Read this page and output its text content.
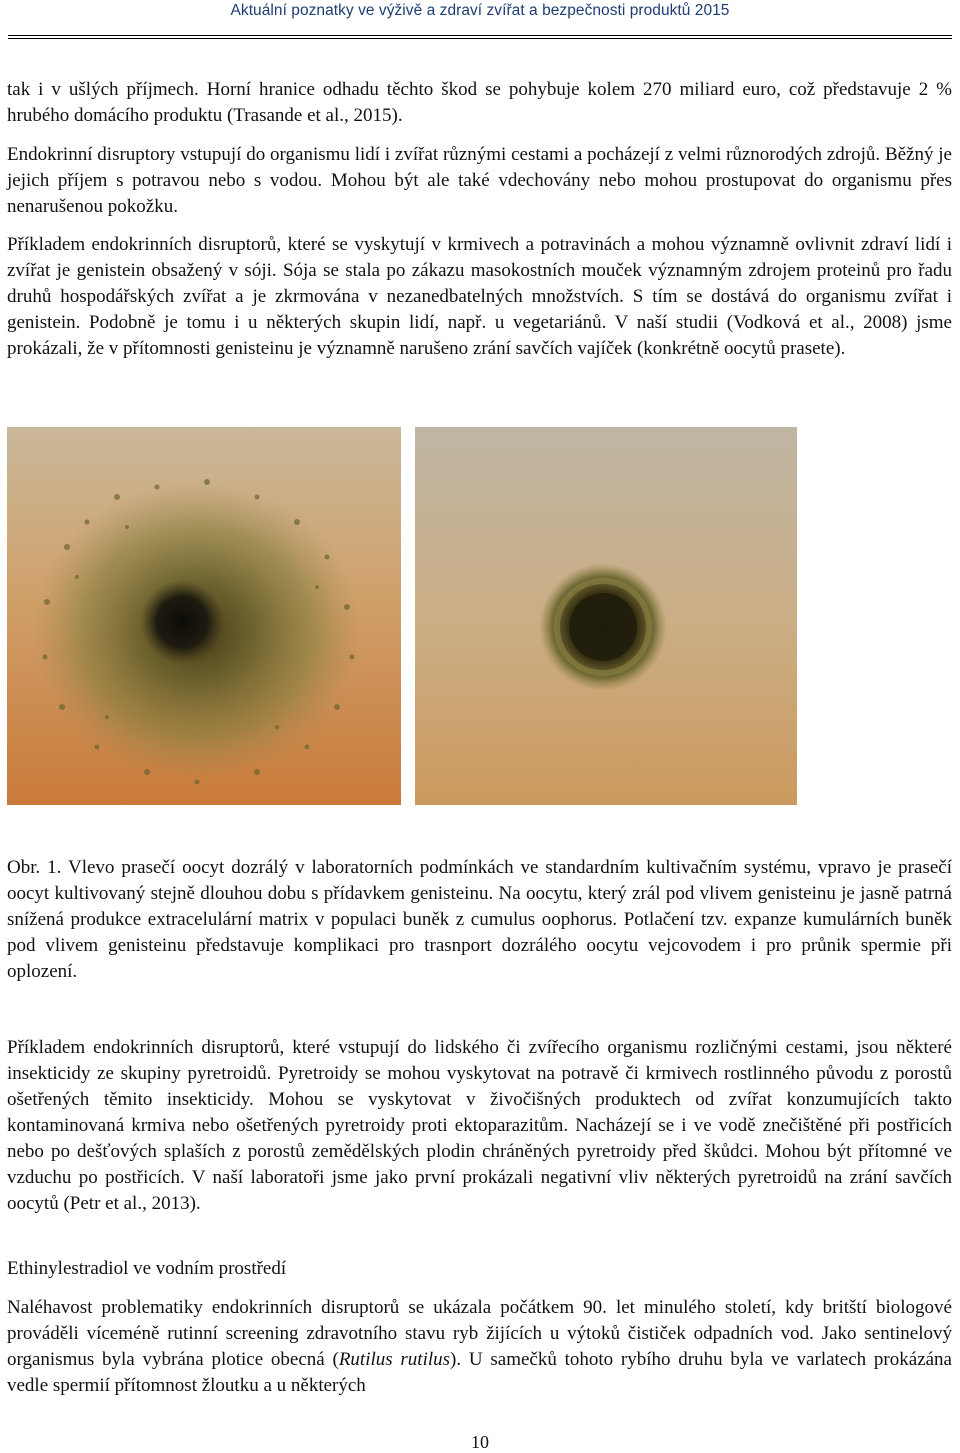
Aktuální poznatky ve výživě a zdraví zvířat a bezpečnosti produktů 2015

tak i v ušlých příjmech. Horní hranice odhadu těchto škod se pohybuje kolem 270 miliard euro, což představuje 2 % hrubého domácího produktu (Trasande et al., 2015).

Endokrinní disruptory vstupují do organismu lidí i zvířat různými cestami a pocházejí z velmi různorodých zdrojů. Běžný je jejich příjem s potravou nebo s vodou. Mohou být ale také vdechovány nebo mohou prostupovat do organismu přes nenarušenou pokožku.

Příkladem endokrinních disruptorů, které se vyskytují v krmivech a potravinách a mohou významně ovlivnit zdraví lidí i zvířat je genistein obsažený v sóji. Sója se stala po zákazu masokostních mouček významným zdrojem proteinů pro řadu druhů hospodářských zvířat a je zkrmována v nezanedbatelných množstvích. S tím se dostává do organismu zvířat i genistein. Podobně je tomu i u některých skupin lidí, např. u vegetariánů. V naší studii (Vodková et al., 2008) jsme prokázali, že v přítomnosti genisteinu je významně narušeno zrání savčích vajíček (konkrétně oocytů prasete).

Obr. 1. Vlevo prasečí oocyt dozrálý v laboratorních podmínkách ve standardním kultivačním systému, vpravo je prasečí oocyt kultivovaný stejně dlouhou dobu s přídavkem genisteinu. Na oocytu, který zrál pod vlivem genisteinu je jasně patrná snížená produkce extracelulární matrix v populaci buněk z cumulus oophorus. Potlačení tzv. expanze kumulárních buněk pod vlivem genisteinu představuje komplikaci pro trasnport dozrálého oocytu vejcovodem i pro průnik spermie při oplození.

Příkladem endokrinních disruptorů, které vstupují do lidského či zvířecího organismu rozličnými cestami, jsou některé insekticidy ze skupiny pyretroidů. Pyretroidy se mohou vyskytovat na potravě či krmivech rostlinného původu z porostů ošetřených těmito insekticidy. Mohou se vyskytovat v živočišných produktech od zvířat konzumujících takto kontaminovaná krmiva nebo ošetřených pyretroidy proti ektoparazitům. Nacházejí se i ve vodě znečištěné při postřicích nebo po dešťových splaších z porostů zemědělských plodin chráněných pyretroidy před škůdci. Mohou být přítomné ve vzduchu po postřicích. V naší laboratoři jsme jako první prokázali negativní vliv některých pyretroidů na zrání savčích oocytů (Petr et al., 2013).

Ethinylestradiol ve vodním prostředí

Naléhavost problematiky endokrinních disruptorů se ukázala počátkem 90. let minulého století, kdy britští biologové prováděli víceméně rutinní screening zdravotního stavu ryb žijících u výtoků čističek odpadních vod. Jako sentinelový organismus byla vybrána plotice obecná (Rutilus rutilus). U samečků tohoto rybího druhu byla ve varlatech prokázána vedle spermií přítomnost žloutku a u některých

10
